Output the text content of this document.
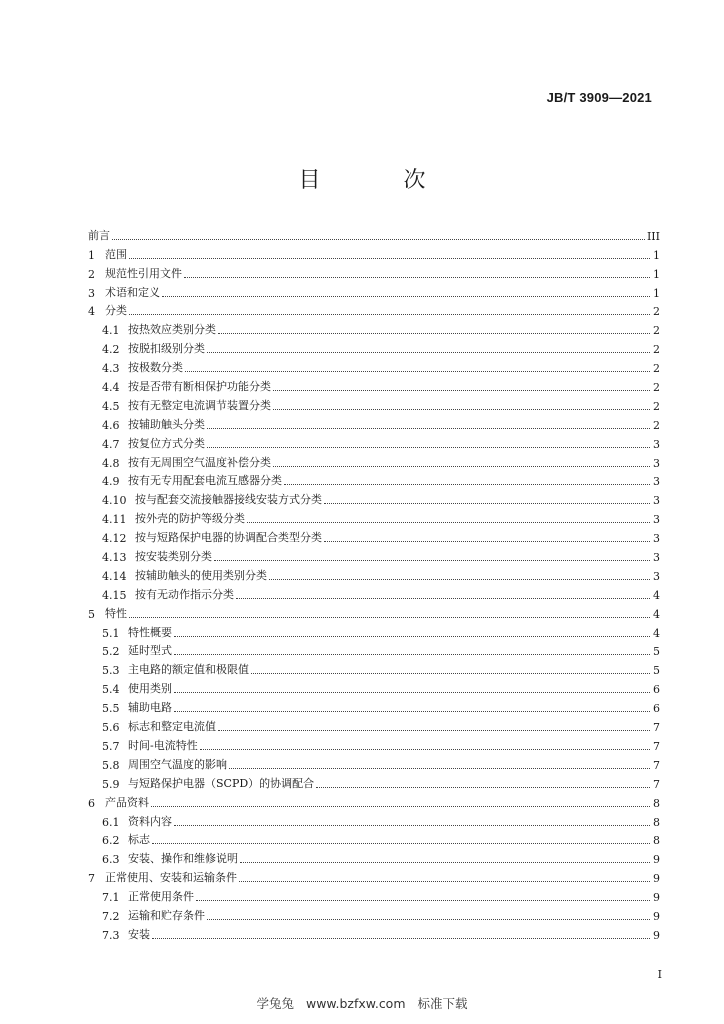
JB/T 3909—2021
目 次
前言	III
1 范围	1
2 规范性引用文件	1
3 术语和定义	1
4 分类	2
4.1 按热效应类别分类	2
4.2 按脱扣级别分类	2
4.3 按极数分类	2
4.4 按是否带有断相保护功能分类	2
4.5 按有无整定电流调节装置分类	2
4.6 按辅助触头分类	2
4.7 按复位方式分类	3
4.8 按有无周围空气温度补偿分类	3
4.9 按有无专用配套电流互感器分类	3
4.10 按与配套交流接触器接线安装方式分类	3
4.11 按外壳的防护等级分类	3
4.12 按与短路保护电器的协调配合类型分类	3
4.13 按安装类别分类	3
4.14 按辅助触头的使用类别分类	3
4.15 按有无动作指示分类	4
5 特性	4
5.1 特性概要	4
5.2 延时型式	5
5.3 主电路的额定值和极限值	5
5.4 使用类别	6
5.5 辅助电路	6
5.6 标志和整定电流值	7
5.7 时间-电流特性	7
5.8 周围空气温度的影响	7
5.9 与短路保护电器（SCPD）的协调配合	7
6 产品资料	8
6.1 资料内容	8
6.2 标志	8
6.3 安装、操作和维修说明	9
7 正常使用、安装和运输条件	9
7.1 正常使用条件	9
7.2 运输和贮存条件	9
7.3 安装	9
I
学兔兔 www.bzfxw.com 标准下载
